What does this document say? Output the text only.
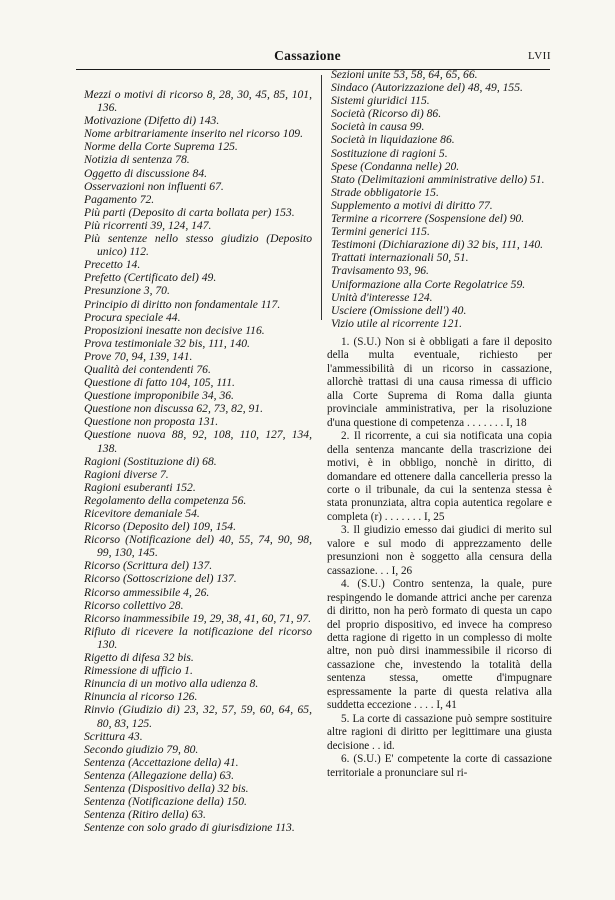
Cassazione	LVII
Mezzi o motivi di ricorso 8, 28, 30, 45, 85, 101, 136.
Motivazione (Difetto di) 143.
Nome arbitrariamente inserito nel ricorso 109.
Norme della Corte Suprema 125.
Notizia di sentenza 78.
Oggetto di discussione 84.
Osservazioni non influenti 67.
Pagamento 72.
Più parti (Deposito di carta bollata per) 153.
Più ricorrenti 39, 124, 147.
Più sentenze nello stesso giudizio (Deposito unico) 112.
Precetto 14.
Prefetto (Certificato del) 49.
Presunzione 3, 70.
Principio di diritto non fondamentale 117.
Procura speciale 44.
Proposizioni inesatte non decisive 116.
Prova testimoniale 32 bis, 111, 140.
Prove 70, 94, 139, 141.
Qualità dei contendenti 76.
Questione di fatto 104, 105, 111.
Questione improponibile 34, 36.
Questione non discussa 62, 73, 82, 91.
Questione non proposta 131.
Questione nuova 88, 92, 108, 110, 127, 134, 138.
Ragioni (Sostituzione di) 68.
Ragioni diverse 7.
Ragioni esuberanti 152.
Regolamento della competenza 56.
Ricevitore demaniale 54.
Ricorso (Deposito del) 109, 154.
Ricorso (Notificazione del) 40, 55, 74, 90, 98, 99, 130, 145.
Ricorso (Scrittura del) 137.
Ricorso (Sottoscrizione del) 137.
Ricorso ammessibile 4, 26.
Ricorso collettivo 28.
Ricorso inammessibile 19, 29, 38, 41, 60, 71, 97.
Rifiuto di ricevere la notificazione del ricorso 130.
Rigetto di difesa 32 bis.
Rimessione di ufficio 1.
Rinuncia di un motivo alla udienza 8.
Rinuncia al ricorso 126.
Rinvio (Giudizio di) 23, 32, 57, 59, 60, 64, 65, 80, 83, 125.
Scrittura 43.
Secondo giudizio 79, 80.
Sentenza (Accettazione della) 41.
Sentenza (Allegazione della) 63.
Sentenza (Dispositivo della) 32 bis.
Sentenza (Notificazione della) 150.
Sentenza (Ritiro della) 63.
Sentenze con solo grado di giurisdizione 113.
Sezioni unite 53, 58, 64, 65, 66.
Sindaco (Autorizzazione del) 48, 49, 155.
Sistemi giuridici 115.
Società (Ricorso di) 86.
Società in causa 99.
Società in liquidazione 86.
Sostituzione di ragioni 5.
Spese (Condanna nelle) 20.
Stato (Delimitazioni amministrative dello) 51.
Strade obbligatorie 15.
Supplemento a motivi di diritto 77.
Termine a ricorrere (Sospensione del) 90.
Termini generici 115.
Testimoni (Dichiarazione di) 32 bis, 111, 140.
Trattati internazionali 50, 51.
Travisamento 93, 96.
Uniformazione alla Corte Regolatrice 59.
Unità d'interesse 124.
Usciere (Omissione dell') 40.
Vizio utile al ricorrente 121.

1. (S.U.) Non si è obbligati a fare il deposito della multa eventuale, richiesto per l'ammessibilità di un ricorso in cassazione, allorchè trattasi di una causa rimessa di ufficio alla Corte Suprema di Roma dalla giunta provinciale amministrativa, per la risoluzione d'una questione di competenza . . . . . . . I, 18

2. Il ricorrente, a cui sia notificata una copia della sentenza mancante della trascrizione dei motivi, è in obbligo, nonchè in diritto, di domandare ed ottenere dalla cancelleria presso la corte o il tribunale, da cui la sentenza stessa è stata pronunziata, altra copia autentica regolare e completa (r) . . . . . . . I, 25

3. Il giudizio emesso dai giudici di merito sul valore e sul modo di apprezzamento delle presunzioni non è soggetto alla censura della cassazione. . . I, 26

4. (S.U.) Contro sentenza, la quale, pure respingendo le domande attrici anche per carenza di diritto, non ha però formato di questa un capo del proprio dispositivo, ed invece ha compreso detta ragione di rigetto in un complesso di molte altre, non può dirsi inammessibile il ricorso di cassazione che, investendo la totalità della sentenza stessa, omette d'impugnare espressamente la parte di questa relativa alla suddetta eccezione . . . . I, 41

5. La corte di cassazione può sempre sostituire altre ragioni di diritto per legittimare una giusta decisione . . id.

6. (S.U.) E' competente la corte di cassazione territoriale a pronunciare sul ri-
